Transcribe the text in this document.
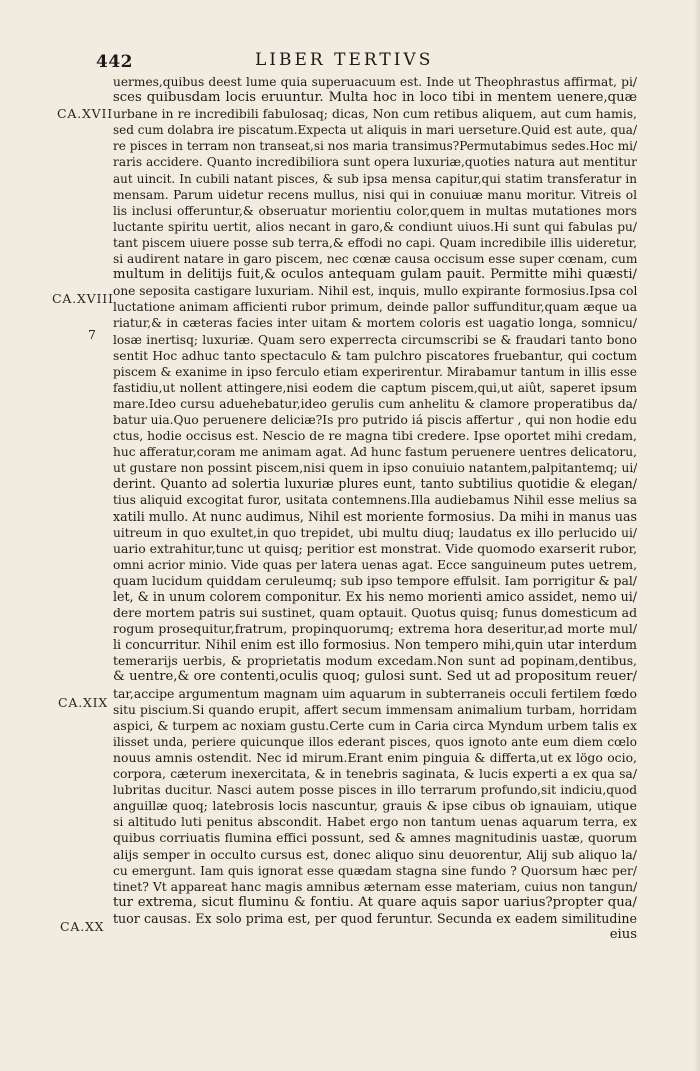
442	LIBER TERTIVS
CA.XVII
CA.XVIII
7
CA.XIX
CA.XX
uermes,quibus deest lume quia superuacuum est. Inde ut Theophrastus affirmat, pi/
sces quibusdam locis eruuntur. Multa hoc in loco tibi in mentem uenere,quæ
urbane in re incredibili fabulosaq; dicas, Non cum retibus aliquem, aut cum hamis,
sed cum dolabra ire piscatum.Expecta ut aliquis in mari uerseture.Quid est aute, qua/
re pisces in terram non transeat,si nos maria transimus?Permutabimus sedes.Hoc mi/
raris accidere. Quanto incredibiliora sunt opera luxuriæ,quoties natura aut mentitur
aut uincit. In cubili natant pisces, & sub ipsa mensa capitur,qui statim transferatur in
mensam. Parum uidetur recens mullus, nisi qui in conuiuæ manu moritur. Vitreis ol
lis inclusi offeruntur,& obseruatur morientiu color,quem in multas mutationes mors
luctante spiritu uertit, alios necant in garo,& condiunt uiuos.Hi sunt qui fabulas pu/
tant piscem uiuere posse sub terra,& effodi no capi. Quam incredibile illis uideretur,
si audirent natare in garo piscem, nec cœnæ causa occisum esse super cœnam, cum
multum in delitijs fuit,& oculos antequam gulam pauit. Permitte mihi quæsti/
one seposita castigare luxuriam. Nihil est, inquis, mullo expirante formosius.Ipsa col
luctatione animam afficienti rubor primum, deinde pallor suffunditur,quam æque ua
riatur,& in cæteras facies inter uitam & mortem coloris est uagatio longa, somnicu/
losæ inertisq; luxuriæ. Quam sero experrecta circumscribi se & fraudari tanto bono
sentit Hoc adhuc tanto spectaculo & tam pulchro piscatores fruebantur, qui coctum
piscem & exanime in ipso ferculo etiam experirentur. Mirabamur tantum in illis esse
fastidiu,ut nollent attingere,nisi eodem die captum piscem,qui,ut aiût, saperet ipsum
mare.Ideo cursu aduehebatur,ideo gerulis cum anhelitu & clamore properatibus da/
batur uia.Quo peruenere deliciæ?Is pro putrido iá piscis affertur , qui non hodie edu
ctus, hodie occisus est. Nescio de re magna tibi credere. Ipse oportet mihi credam,
huc afferatur,coram me animam agat. Ad hunc fastum peruenere uentres delicatoru,
ut gustare non possint piscem,nisi quem in ipso conuiuio natantem,palpitantemq; ui/
derint. Quanto ad solertia luxuriæ plures eunt, tanto subtilius quotidie & elegan/
tius aliquid excogitat furor, usitata contemnens.Illa audiebamus Nihil esse melius sa
xatili mullo. At nunc audimus, Nihil est moriente formosius. Da mihi in manus uas
uitreum in quo exultet,in quo trepidet, ubi multu diuq; laudatus ex illo perlucido ui/
uario extrahitur,tunc ut quisq; peritior est monstrat. Vide quomodo exarserit rubor,
omni acrior minio. Vide quas per latera uenas agat. Ecce sanguineum putes uetrem,
quam lucidum quiddam ceruleumq; sub ipso tempore effulsit. Iam porrigitur & pal/
let, & in unum colorem componitur. Ex his nemo morienti amico assidet, nemo ui/
dere mortem patris sui sustinet, quam optauit. Quotus quisq; funus domesticum ad
rogum prosequitur,fratrum, propinquorumq; extrema hora deseritur,ad morte mul/
li concurritur. Nihil enim est illo formosius. Non tempero mihi,quin utar interdum
temerarijs uerbis, & proprietatis modum excedam.Non sunt ad popinam,dentibus,
& uentre,& ore contenti,oculis quoq; gulosi sunt. Sed ut ad propositum reuer/
tar,accipe argumentum magnam uim aquarum in subterraneis occuli fertilem fœdo
situ piscium.Si quando erupit, affert secum immensam animalium turbam, horridam
aspici, & turpem ac noxiam gustu.Certe cum in Caria circa Myndum urbem talis ex
ilisset unda, periere quicunque illos ederant pisces, quos ignoto ante eum diem cœlo
nouus amnis ostendit. Nec id mirum.Erant enim pinguia & differta,ut ex lögo ocio,
corpora, cæterum inexercitata, & in tenebris saginata, & lucis experti a ex qua sa/
lubritas ducitur. Nasci autem posse pisces in illo terrarum profundo,sit indiciu,quod
anguillæ quoq; latebrosis locis nascuntur, grauis & ipse cibus ob ignauiam, utique
si altitudo luti penitus abscondit. Habet ergo non tantum uenas aquarum terra, ex
quibus corriuatis flumina effici possunt, sed & amnes magnitudinis uastæ, quorum
alijs semper in occulto cursus est, donec aliquo sinu deuorentur, Alij sub aliquo la/
cu emergunt. Iam quis ignorat esse quædam stagna sine fundo ? Quorsum hæc per/
tinet? Vt appareat hanc magis amnibus æternam esse materiam, cuius non tangun/
tur extrema, sicut fluminu & fontiu. At quare aquis sapor uarius?propter qua/
tuor causas. Ex solo prima est, per quod feruntur. Secunda ex eadem similitudine
eius
